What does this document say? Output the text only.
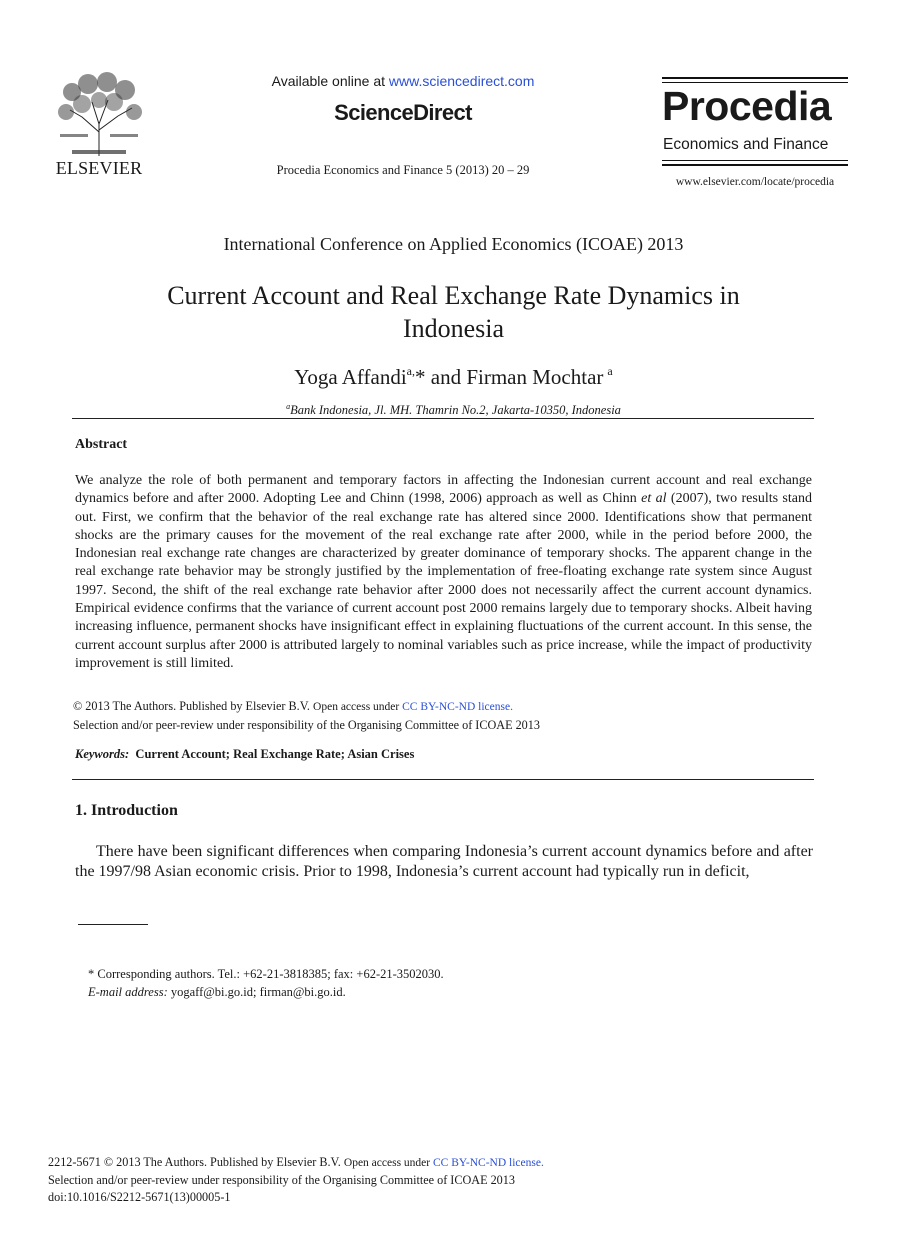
ELSEVIER
Available online at www.sciencedirect.com
ScienceDirect
Procedia Economics and Finance 5 (2013) 20 – 29
Procedia
Economics and Finance
www.elsevier.com/locate/procedia
International Conference on Applied Economics (ICOAE) 2013
Current Account and Real Exchange Rate Dynamics in
Indonesia
Yoga Affandi$^{a,}$* and Firman Mochtar $^a$
$^a$Bank Indonesia, Jl. MH. Thamrin No.2, Jakarta-10350, Indonesia
Abstract
We analyze the role of both permanent and temporary factors in affecting the Indonesian current account and real exchange dynamics before and after 2000. Adopting Lee and Chinn (1998, 2006) approach as well as Chinn et al (2007), two results stand out. First, we confirm that the behavior of the real exchange rate has altered since 2000. Identifications show that permanent shocks are the primary causes for the movement of the real exchange rate after 2000, while in the period before 2000, the Indonesian real exchange rate changes are characterized by greater dominance of temporary shocks. The apparent change in the real exchange rate behavior may be strongly justified by the implementation of free-floating exchange rate system since August 1997. Second, the shift of the real exchange rate behavior after 2000 does not necessarily affect the current account dynamics. Empirical evidence confirms that the variance of current account post 2000 remains largely due to temporary shocks. Albeit having increasing influence, permanent shocks have insignificant effect in explaining fluctuations of the current account. In this sense, the current account surplus after 2000 is attributed largely to nominal variables such as price increase, while the impact of productivity improvement is still limited.
© 2013 The Authors. Published by Elsevier B.V. Open access under CC BY-NC-ND license.
Selection and/or peer-review under responsibility of the Organising Committee of ICOAE 2013
Keywords: Current Account; Real Exchange Rate; Asian Crises
1. Introduction
There have been significant differences when comparing Indonesia’s current account dynamics before and after the 1997/98 Asian economic crisis. Prior to 1998, Indonesia’s current account had typically run in deficit,
* Corresponding authors. Tel.: +62-21-3818385; fax: +62-21-3502030.
E-mail address: yogaff@bi.go.id; firman@bi.go.id.
2212-5671 © 2013 The Authors. Published by Elsevier B.V. Open access under CC BY-NC-ND license.
Selection and/or peer-review under responsibility of the Organising Committee of ICOAE 2013
doi:10.1016/S2212-5671(13)00005-1
